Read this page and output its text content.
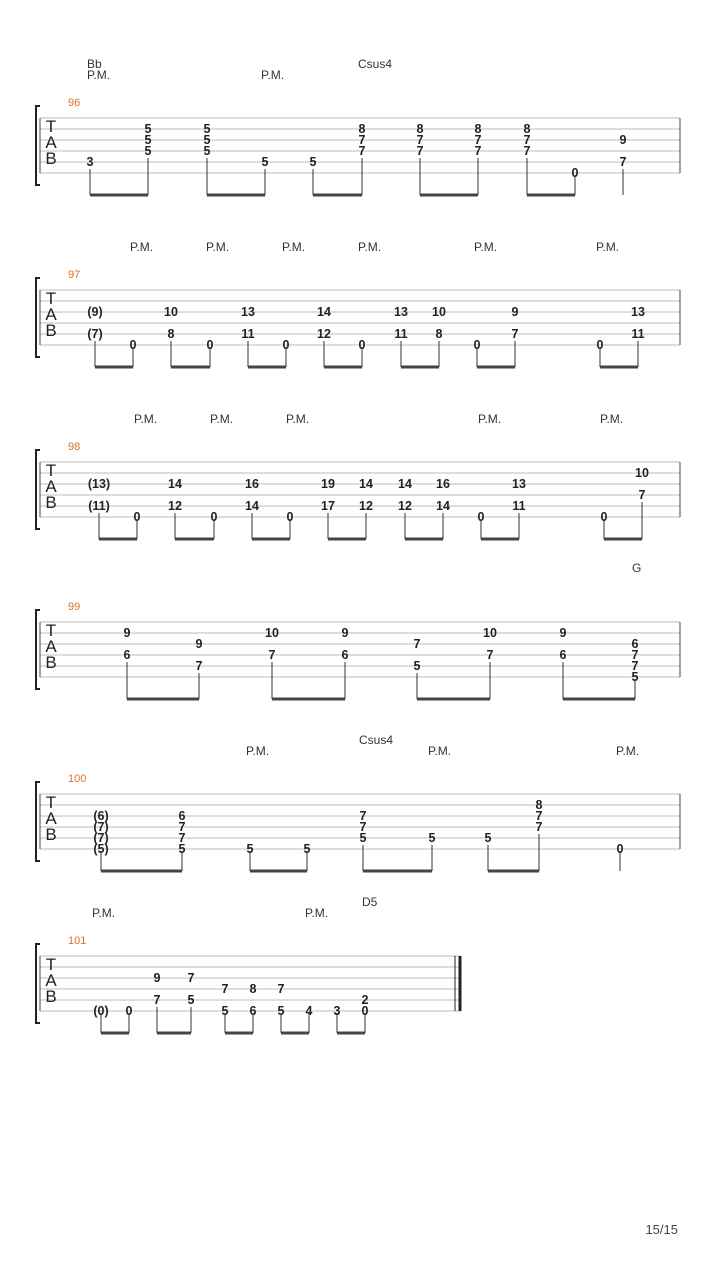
T
A
B
96
Bb	Csus4
P.M.	P.M.
3
5
5
5
5
5
5
5	5
8
7
7
8
7
7
8
7
7
8
7
7
0
9
7
T
A
B
97
P.M.	P.M.	P.M.	P.M.	P.M.	P.M.
(9)
(7)
0
10
8
0
13
11
0
14
12
0
13
11
10
8
0
9
7
0
13
11
T
A
B
98
P.M.	P.M.	P.M.	P.M.	P.M.
(13)
(11)
0
14
12
0
16
14
0
19
17
14
12
14
12
16
14
0
13
11
0
10
7
T
A
B
99
G
9
6
9
7
10
7
9
6
7
5
10
7
9
6
6
7
7
5
T
A
B
100
Csus4
P.M.	P.M.	P.M.
(6)
(7)
(7)
(5)
6
7
7
5	5	5
7
7
5	5	5
8
7
7
0
T
A
B
101
D5
P.M.	P.M.
(0) 0
9
7
7
5
7
5
8
6
7
5 4 3
2
0
15/15
